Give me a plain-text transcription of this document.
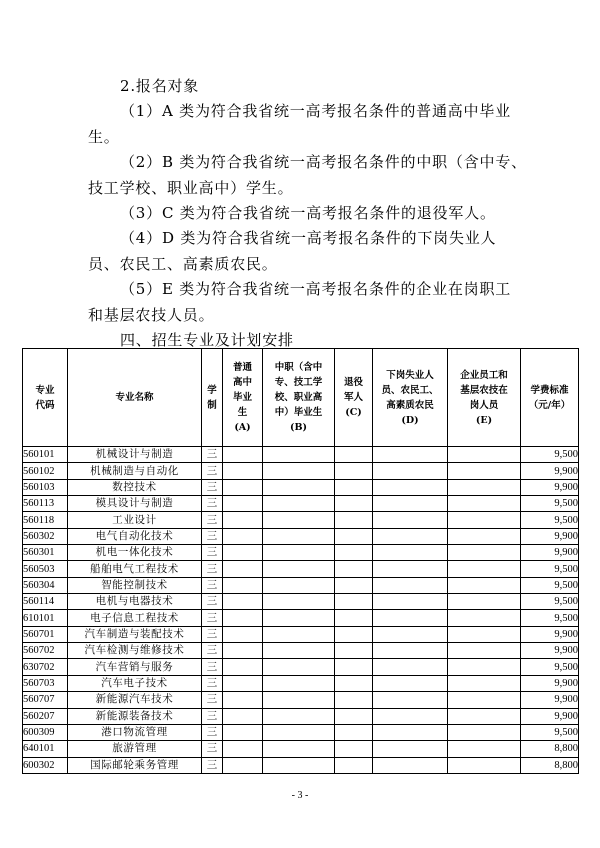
2.报名对象
（1）A 类为符合我省统一高考报名条件的普通高中毕业
生。
（2）B 类为符合我省统一高考报名条件的中职（含中专、
技工学校、职业高中）学生。
（3）C 类为符合我省统一高考报名条件的退役军人。
（4）D 类为符合我省统一高考报名条件的下岗失业人
员、农民工、高素质农民。
（5）E 类为符合我省统一高考报名条件的企业在岗职工
和基层农技人员。
四、招生专业及计划安排
专业
代码	专业名称	学
制	普通
高中
毕业
生
(A)	中职（含中
专、技工学
校、职业高
中）毕业生
(B)	退役
军人
(C)	下岗失业人
员、农民工、
高素质农民
(D)	企业员工和
基层农技在
岗人员
(E)	学费标准
（元/年）

560101	机械设计与制造	三						9,500
560102	机械制造与自动化	三						9,900
560103	数控技术	三						9,900
560113	模具设计与制造	三						9,500
560118	工业设计	三						9,500
560302	电气自动化技术	三						9,900
560301	机电一体化技术	三						9,900
560503	船舶电气工程技术	三						9,500
560304	智能控制技术	三						9,500
560114	电机与电器技术	三						9,500
610101	电子信息工程技术	三						9,500
560701	汽车制造与装配技术	三						9,900
560702	汽车检测与维修技术	三						9,900
630702	汽车营销与服务	三						9,500
560703	汽车电子技术	三						9,900
560707	新能源汽车技术	三						9,900
560207	新能源装备技术	三						9,900
600309	港口物流管理	三						9,500
640101	旅游管理	三						8,800
600302	国际邮轮乘务管理	三						8,800
- 3 -
